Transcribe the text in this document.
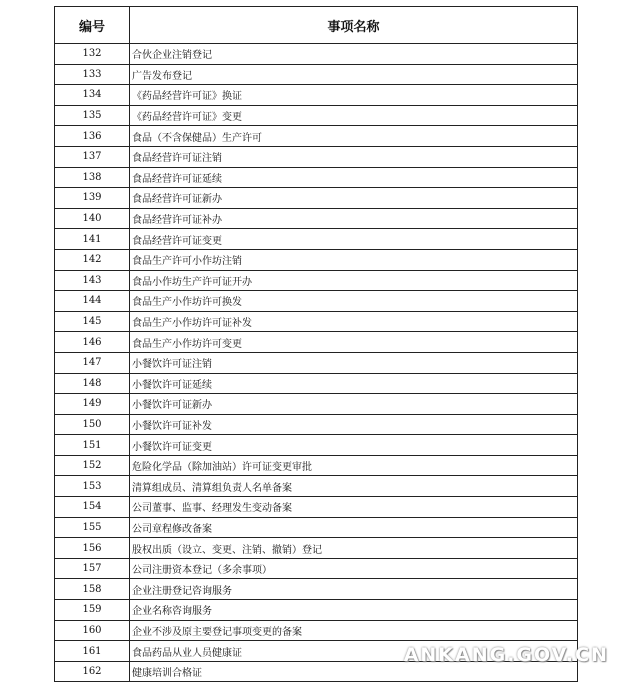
编号	事项名称
132	合伙企业注销登记
133	广告发布登记
134	《药品经营许可证》换证
135	《药品经营许可证》变更
136	食品（不含保健品）生产许可
137	食品经营许可证注销
138	食品经营许可证延续
139	食品经营许可证新办
140	食品经营许可证补办
141	食品经营许可证变更
142	食品生产许可小作坊注销
143	食品小作坊生产许可证开办
144	食品生产小作坊许可换发
145	食品生产小作坊许可证补发
146	食品生产小作坊许可变更
147	小餐饮许可证注销
148	小餐饮许可证延续
149	小餐饮许可证新办
150	小餐饮许可证补发
151	小餐饮许可证变更
152	危险化学品（除加油站）许可证变更审批
153	清算组成员、清算组负责人名单备案
154	公司董事、监事、经理发生变动备案
155	公司章程修改备案
156	股权出质（设立、变更、注销、撤销）登记
157	公司注册资本登记（多余事项）
158	企业注册登记咨询服务
159	企业名称咨询服务
160	企业不涉及原主要登记事项变更的备案
161	食品药品从业人员健康证
162	健康培训合格证
ANKANG.GOV.CN
